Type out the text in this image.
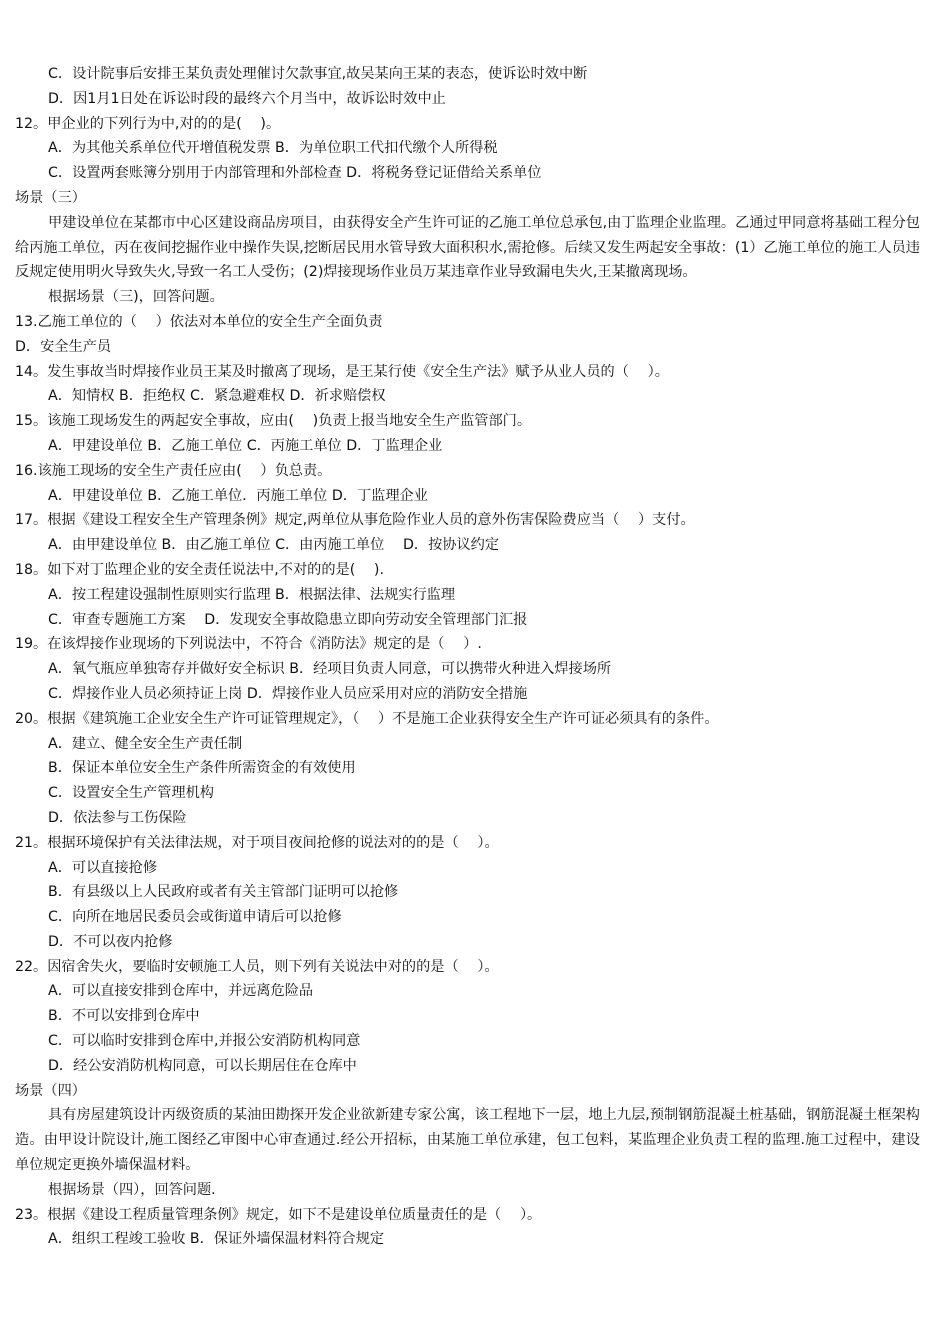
C．设计院事后安排王某负责处理催讨欠款事宜,故吴某向王某的表态，使诉讼时效中断
D．因1月1日处在诉讼时段的最终六个月当中，故诉讼时效中止
12。甲企业的下列行为中,对的的是(　 )。
A．为其他关系单位代开增值税发票 B．为单位职工代扣代缴个人所得税
C．设置两套账簿分别用于内部管理和外部检查 D．将税务登记证借给关系单位
场景（三）
甲建设单位在某都市中心区建设商品房项目，由获得安全产生许可证的乙施工单位总承包,由丁监理企业监理。乙通过甲同意将基础工程分包给丙施工单位，丙在夜间挖掘作业中操作失误,挖断居民用水管导致大面积积水,需抢修。后续又发生两起安全事故：(1）乙施工单位的施工人员违反规定使用明火导致失火,导致一名工人受伤；(2)焊接现场作业员万某违章作业导致漏电失火,王某撤离现场。
根据场景（三)，回答问题。
13.乙施工单位的（　 ）依法对本单位的安全生产全面负责
D．安全生产员
14。发生事故当时焊接作业员王某及时撤离了现场，是王某行使《安全生产法》赋予从业人员的（　 ）。
A．知情权 B．拒绝权 C．紧急避难权 D．祈求赔偿权
15。该施工现场发生的两起安全事故，应由(　 )负责上报当地安全生产监管部门。
A．甲建设单位 B．乙施工单位 C．丙施工单位 D．丁监理企业
16.该施工现场的安全生产责任应由(　 ）负总责。
A．甲建设单位 B．乙施工单位．丙施工单位 D．丁监理企业
17。根据《建设工程安全生产管理条例》规定,两单位从事危险作业人员的意外伤害保险费应当（　 ）支付。
A．由甲建设单位 B．由乙施工单位 C．由丙施工单位　 D．按协议约定
18。如下对丁监理企业的安全责任说法中,不对的的是(　 ).
A．按工程建设强制性原则实行监理 B．根据法律、法规实行监理
C．审查专题施工方案　 D．发现安全事故隐患立即向劳动安全管理部门汇报
19。在该焊接作业现场的下列说法中，不符合《消防法》规定的是（　 ）.
A．氧气瓶应单独寄存并做好安全标识 B．经项目负责人同意，可以携带火种进入焊接场所
C．焊接作业人员必须持证上岗 D．焊接作业人员应采用对应的消防安全措施
20。根据《建筑施工企业安全生产许可证管理规定》，（　 ）不是施工企业获得安全生产许可证必须具有的条件。
A．建立、健全安全生产责任制
B．保证本单位安全生产条件所需资金的有效使用
C．设置安全生产管理机构
D．依法参与工伤保险
21。根据环境保护有关法律法规，对于项目夜间抢修的说法对的的是（　 ）。
A．可以直接抢修
B．有县级以上人民政府或者有关主管部门证明可以抢修
C．向所在地居民委员会或街道申请后可以抢修
D．不可以夜内抢修
22。因宿舍失火，要临时安顿施工人员，则下列有关说法中对的的是（　 ）。
A．可以直接安排到仓库中，并远离危险品
B．不可以安排到仓库中
C．可以临时安排到仓库中,并报公安消防机构同意
D．经公安消防机构同意，可以长期居住在仓库中
场景（四）
具有房屋建筑设计丙级资质的某油田勘探开发企业欲新建专家公寓，该工程地下一层，地上九层,预制钢筋混凝土桩基础，钢筋混凝土框架构造。由甲设计院设计,施工图经乙审图中心审查通过.经公开招标，由某施工单位承建，包工包料，某监理企业负责工程的监理.施工过程中，建设单位规定更换外墙保温材料。
根据场景（四），回答问题.
23。根据《建设工程质量管理条例》规定，如下不是建设单位质量责任的是（　 ）。
A．组织工程竣工验收 B．保证外墙保温材料符合规定
